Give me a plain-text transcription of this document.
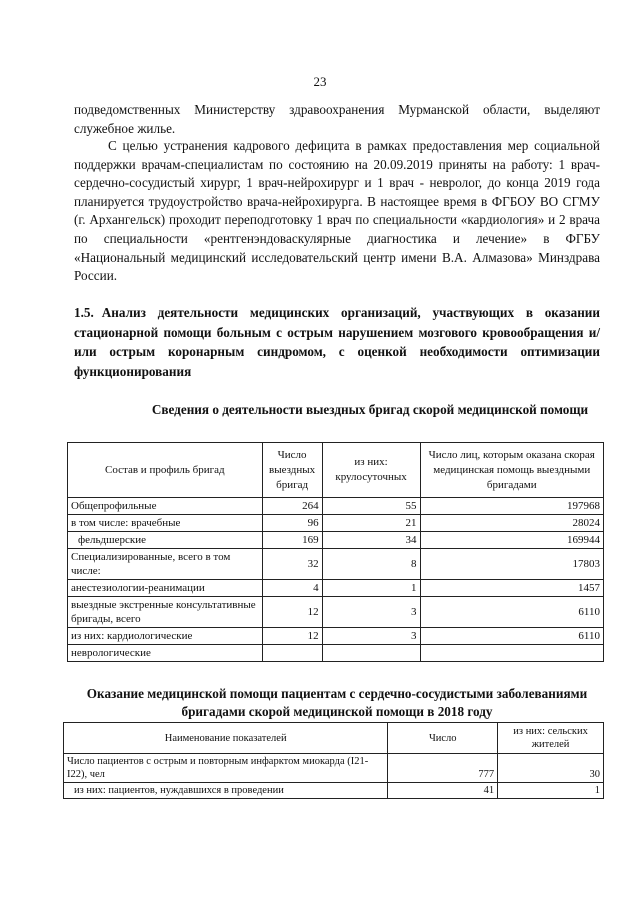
23

подведомственных Министерству здравоохранения Мурманской области, выделяют служебное жилье.

С целью устранения кадрового дефицита в рамках предоставления мер социальной поддержки врачам-специалистам по состоянию на 20.09.2019 приняты на работу: 1 врач-сердечно-сосудистый хирург, 1 врач-нейрохирург и 1 врач - невролог, до конца 2019 года планируется трудоустройство врача-нейрохирурга. В настоящее время в ФГБОУ ВО СГМУ (г. Архангельск) проходит переподготовку 1 врач по специальности «кардиология» и 2 врача по специальности «рентгенэндоваскулярные диагностика и лечение» в ФГБУ «Национальный медицинский исследовательский центр имени В.А. Алмазова» Минздрава России.

1.5. Анализ деятельности медицинских организаций, участвующих в оказании стационарной помощи больным с острым нарушением мозгового кровообращения и/или острым коронарным синдромом, с оценкой необходимости оптимизации функционирования

Сведения о деятельности выездных бригад скорой медицинской помощи

Состав и профиль бригад	Число выездных бригад	из них: крулосуточных	Число лиц, которым оказана скорая медицинская помощь выездными бригадами
Общепрофильные	264	55	197968
в том числе: врачебные	96	21	28024
фельдшерские	169	34	169944
Специализированные, всего в том числе:	32	8	17803
анестезиологии-реанимации	4	1	1457
выездные экстренные консультативные бригады, всего	12	3	6110
из них: кардиологические	12	3	6110
неврологические			

Оказание медицинской помощи пациентам с сердечно-сосудистыми заболеваниями бригадами скорой медицинской помощи в 2018 году

Наименование показателей	Число	из них: сельских жителей
Число пациентов с острым и повторным инфарктом миокарда (I21-I22), чел	777	30
из них: пациентов, нуждавшихся в проведении	41	1
